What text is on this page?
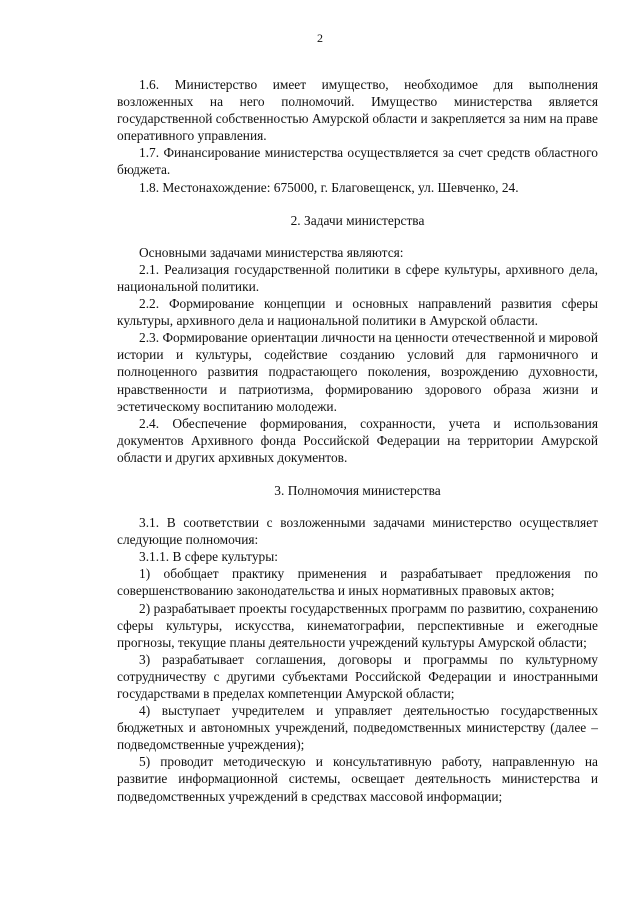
2

1.6. Министерство имеет имущество, необходимое для выполнения возложенных на него полномочий. Имущество министерства является государственной собственностью Амурской области и закрепляется за ним на праве оперативного управления.

1.7. Финансирование министерства осуществляется за счет средств областного бюджета.

1.8. Местонахождение: 675000, г. Благовещенск, ул. Шевченко, 24.

2. Задачи министерства

Основными задачами министерства являются:

2.1. Реализация государственной политики в сфере культуры, архивного дела, национальной политики.

2.2. Формирование концепции и основных направлений развития сферы культуры, архивного дела и национальной политики в Амурской области.

2.3. Формирование ориентации личности на ценности отечественной и мировой истории и культуры, содействие созданию условий для гармоничного и полноценного развития подрастающего поколения, возрождению духовности, нравственности и патриотизма, формированию здорового образа жизни и эстетическому воспитанию молодежи.

2.4. Обеспечение формирования, сохранности, учета и использования документов Архивного фонда Российской Федерации на территории Амурской области и других архивных документов.

3. Полномочия министерства

3.1. В соответствии с возложенными задачами министерство осуществляет следующие полномочия:

3.1.1. В сфере культуры:

1) обобщает практику применения и разрабатывает предложения по совершенствованию законодательства и иных нормативных правовых актов;

2) разрабатывает проекты государственных программ по развитию, сохранению сферы культуры, искусства, кинематографии, перспективные и ежегодные прогнозы, текущие планы деятельности учреждений культуры Амурской области;

3) разрабатывает соглашения, договоры и программы по культурному сотрудничеству с другими субъектами Российской Федерации и иностранными государствами в пределах компетенции Амурской области;

4) выступает учредителем и управляет деятельностью государственных бюджетных и автономных учреждений, подведомственных министерству (далее – подведомственные учреждения);

5) проводит методическую и консультативную работу, направленную на развитие информационной системы, освещает деятельность министерства и подведомственных учреждений в средствах массовой информации;
